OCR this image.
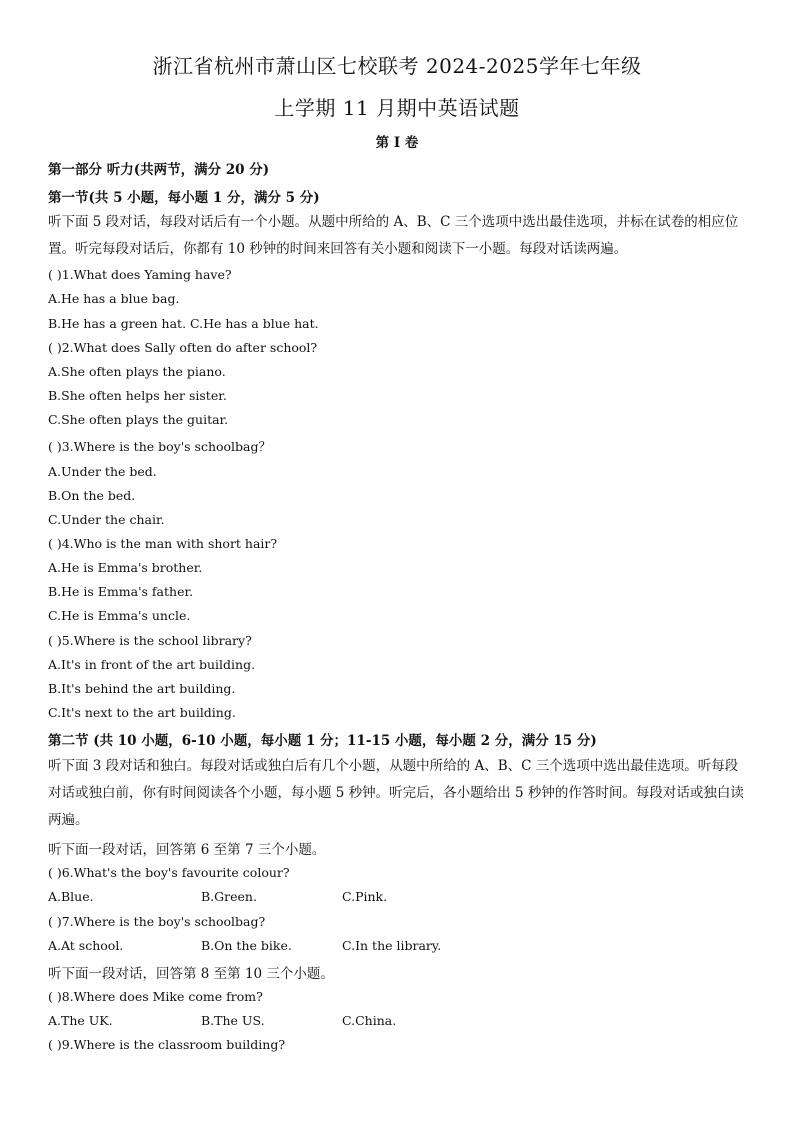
浙江省杭州市萧山区七校联考 2024-2025学年七年级
上学期 11 月期中英语试题
第 I 卷
第一部分 听力(共两节，满分 20 分)
第一节(共 5 小题，每小题 1 分，满分 5 分)
听下面 5 段对话，每段对话后有一个小题。从题中所给的 A、B、C 三个选项中选出最佳选项，并标在试卷的相应位置。听完每段对话后，你都有 10 秒钟的时间来回答有关小题和阅读下一小题。每段对话读两遍。
( )1.What does Yaming have?
A.He has a blue bag.
B.He has a green hat. C.He has a blue hat.
( )2.What does Sally often do after school?
A.She often plays the piano.
B.She often helps her sister.
C.She often plays the guitar.
( )3.Where is the boy's schoolbag？
A.Under the bed.
B.On the bed.
C.Under the chair.
( )4.Who is the man with short hair?
A.He is Emma's brother.
B.He is Emma's father.
C.He is Emma's uncle.
( )5.Where is the school library?
A.It's in front of the art building.
B.It's behind the art building.
C.It's next to the art building.
第二节 (共 10 小题，6-10 小题，每小题 1 分；11-15 小题，每小题 2 分，满分 15 分)
听下面 3 段对话和独白。每段对话或独白后有几个小题，从题中所给的 A、B、C 三个选项中选出最佳选项。听每段对话或独白前，你有时间阅读各个小题，每小题 5 秒钟。听完后，各小题给出 5 秒钟的作答时间。每段对话或独白读两遍。
听下面一段对话，回答第 6 至第 7 三个小题。
( )6.What's the boy's favourite colour?
A.Blue.	B.Green.	C.Pink.
( )7.Where is the boy's schoolbag?
A.At school.	B.On the bike.	C.In the library.
听下面一段对话，回答第 8 至第 10 三个小题。
( )8.Where does Mike come from?
A.The UK.	B.The US.	C.China.
( )9.Where is the classroom building?
